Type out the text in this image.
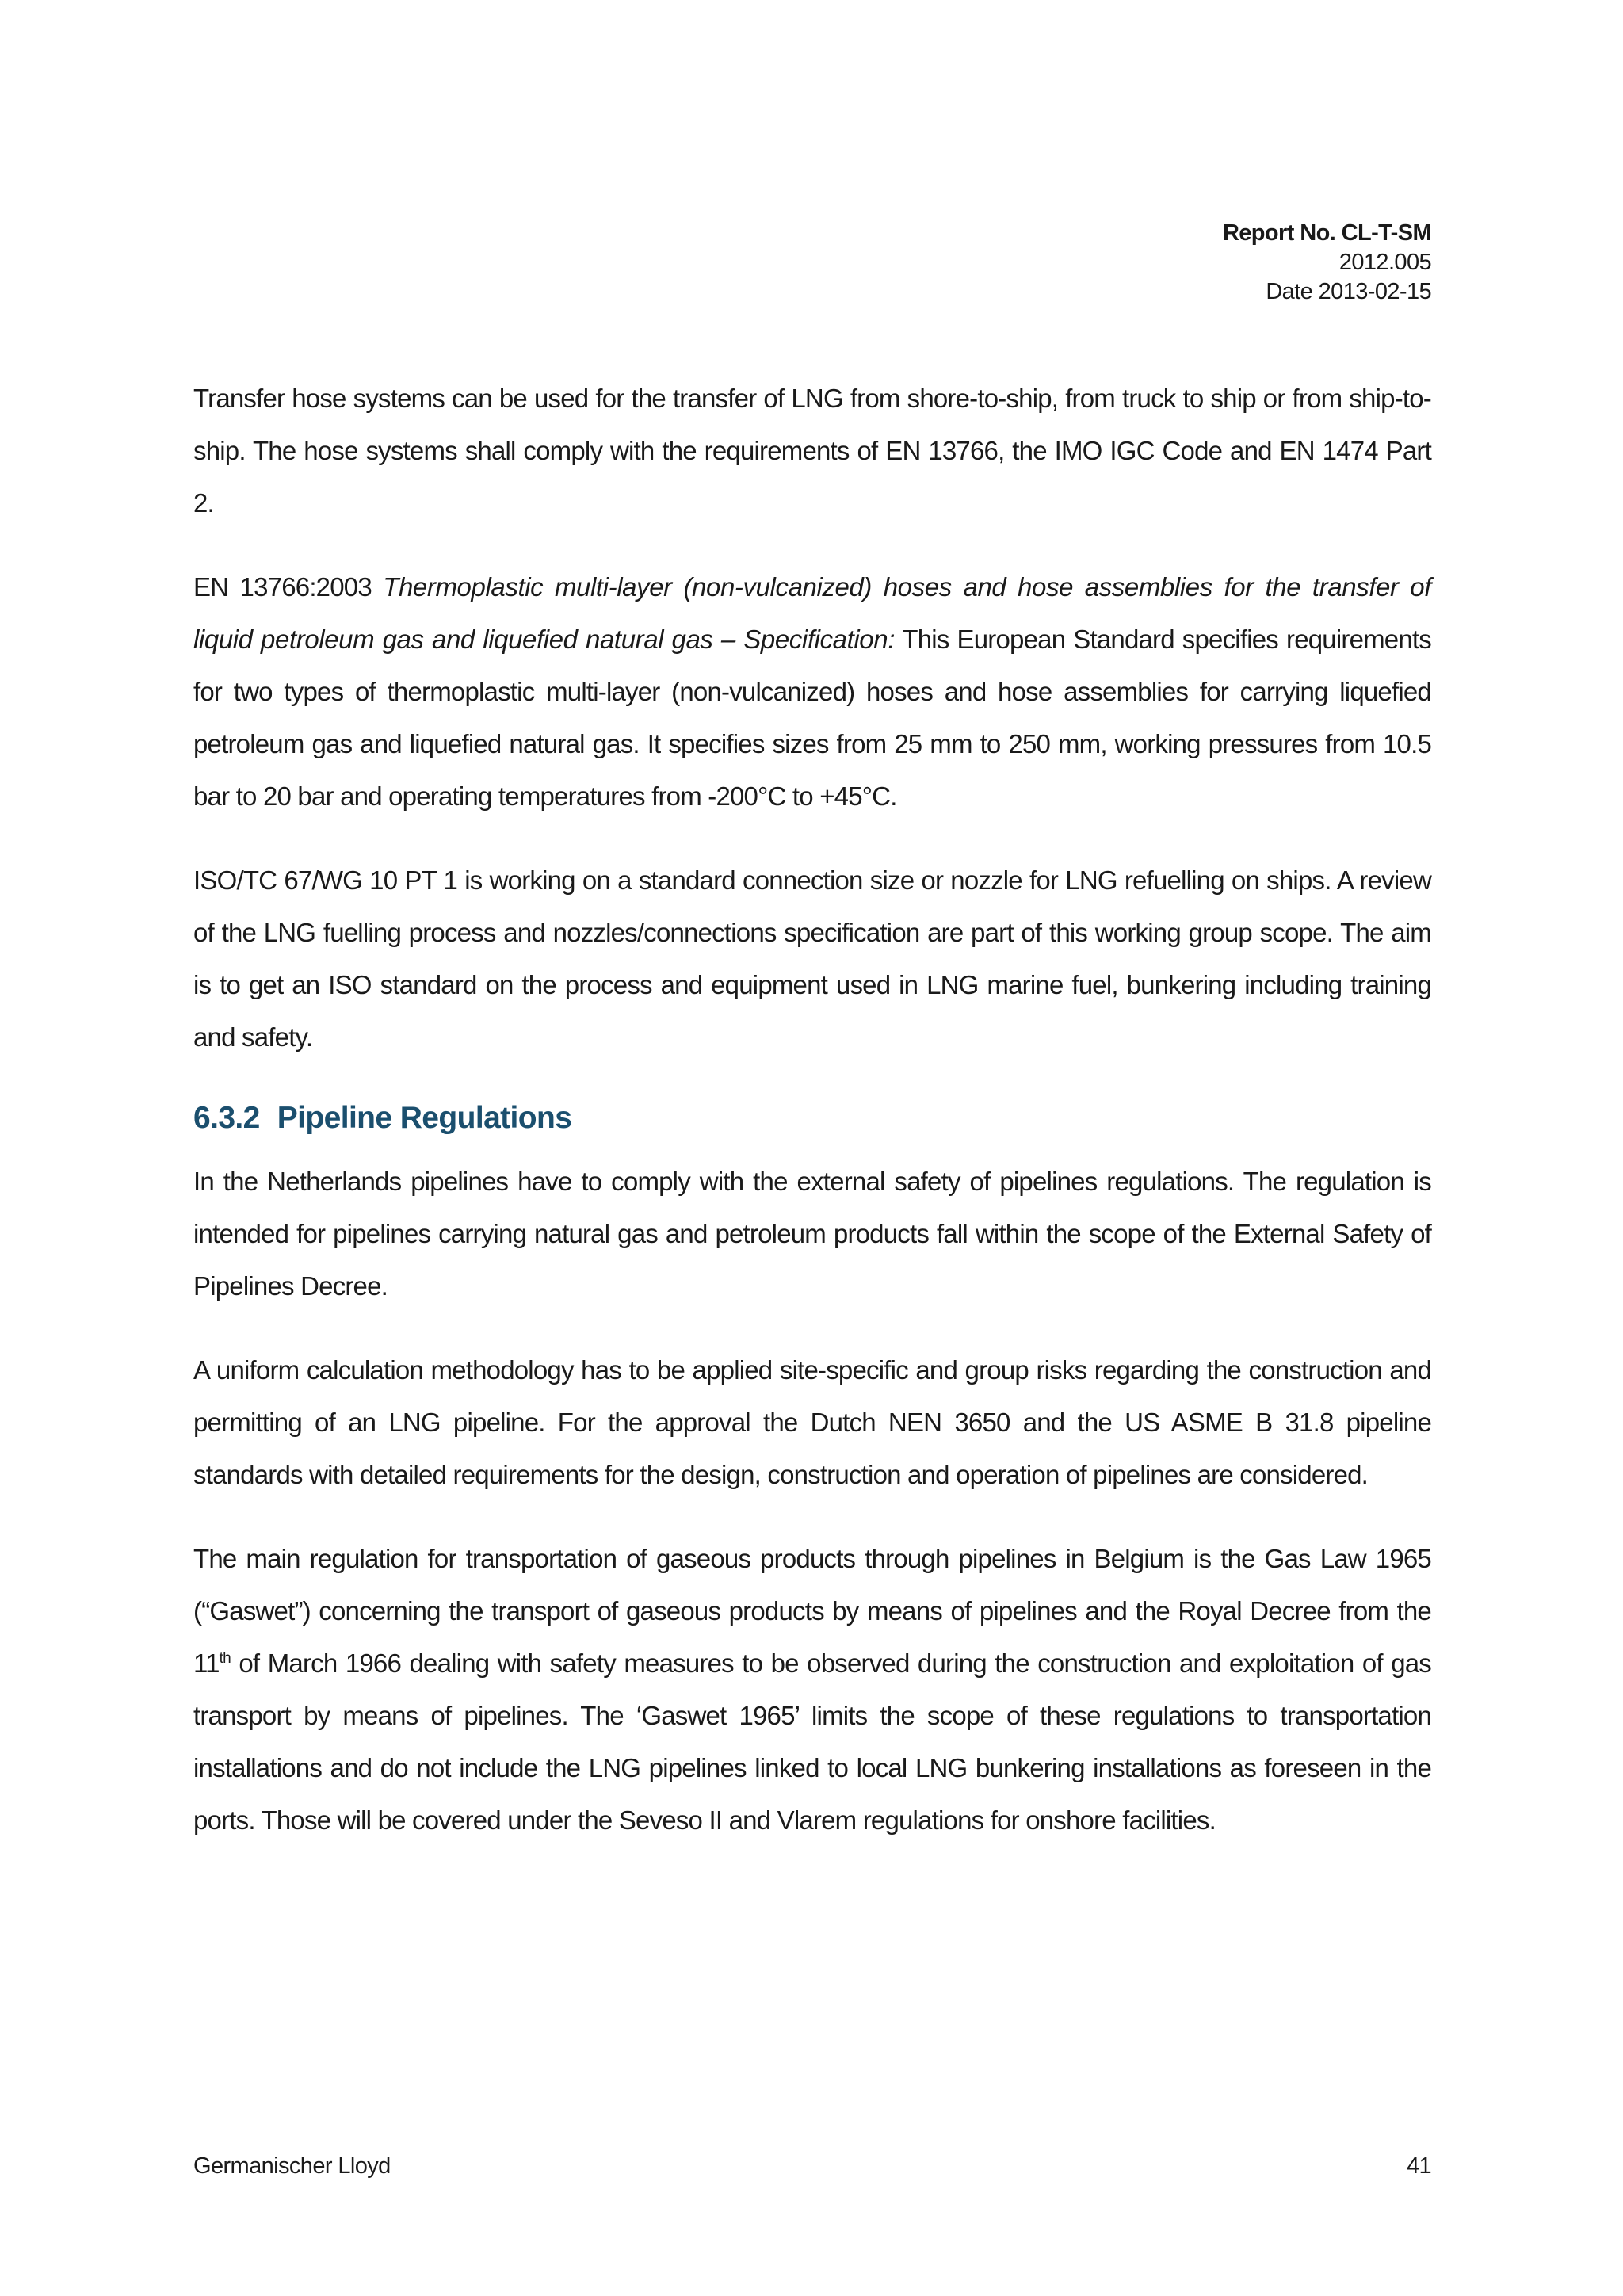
Report No. CL-T-SM
2012.005
Date 2013-02-15

Transfer hose systems can be used for the transfer of LNG from shore-to-ship, from truck to ship or from ship-to-ship. The hose systems shall comply with the requirements of EN 13766, the IMO IGC Code and EN 1474 Part 2.

EN 13766:2003 Thermoplastic multi-layer (non-vulcanized) hoses and hose assemblies for the transfer of liquid petroleum gas and liquefied natural gas – Specification: This European Standard specifies requirements for two types of thermoplastic multi-layer (non-vulcanized) hoses and hose assemblies for carrying liquefied petroleum gas and liquefied natural gas. It specifies sizes from 25 mm to 250 mm, working pressures from 10.5 bar to 20 bar and operating temperatures from -200°C to +45°C.

ISO/TC 67/WG 10 PT 1 is working on a standard connection size or nozzle for LNG refuelling on ships. A review of the LNG fuelling process and nozzles/connections specification are part of this working group scope. The aim is to get an ISO standard on the process and equipment used in LNG marine fuel, bunkering including training and safety.

6.3.2 Pipeline Regulations

In the Netherlands pipelines have to comply with the external safety of pipelines regulations. The regulation is intended for pipelines carrying natural gas and petroleum products fall within the scope of the External Safety of Pipelines Decree.

A uniform calculation methodology has to be applied site-specific and group risks regarding the construction and permitting of an LNG pipeline. For the approval the Dutch NEN 3650 and the US ASME B 31.8 pipeline standards with detailed requirements for the design, construction and operation of pipelines are considered.

The main regulation for transportation of gaseous products through pipelines in Belgium is the Gas Law 1965 (“Gaswet”) concerning the transport of gaseous products by means of pipelines and the Royal Decree from the 11th of March 1966 dealing with safety measures to be observed during the construction and exploitation of gas transport by means of pipelines. The ‘Gaswet 1965’ limits the scope of these regulations to transportation installations and do not include the LNG pipelines linked to local LNG bunkering installations as foreseen in the ports. Those will be covered under the Seveso II and Vlarem regulations for onshore facilities.

Germanischer Lloyd	41
